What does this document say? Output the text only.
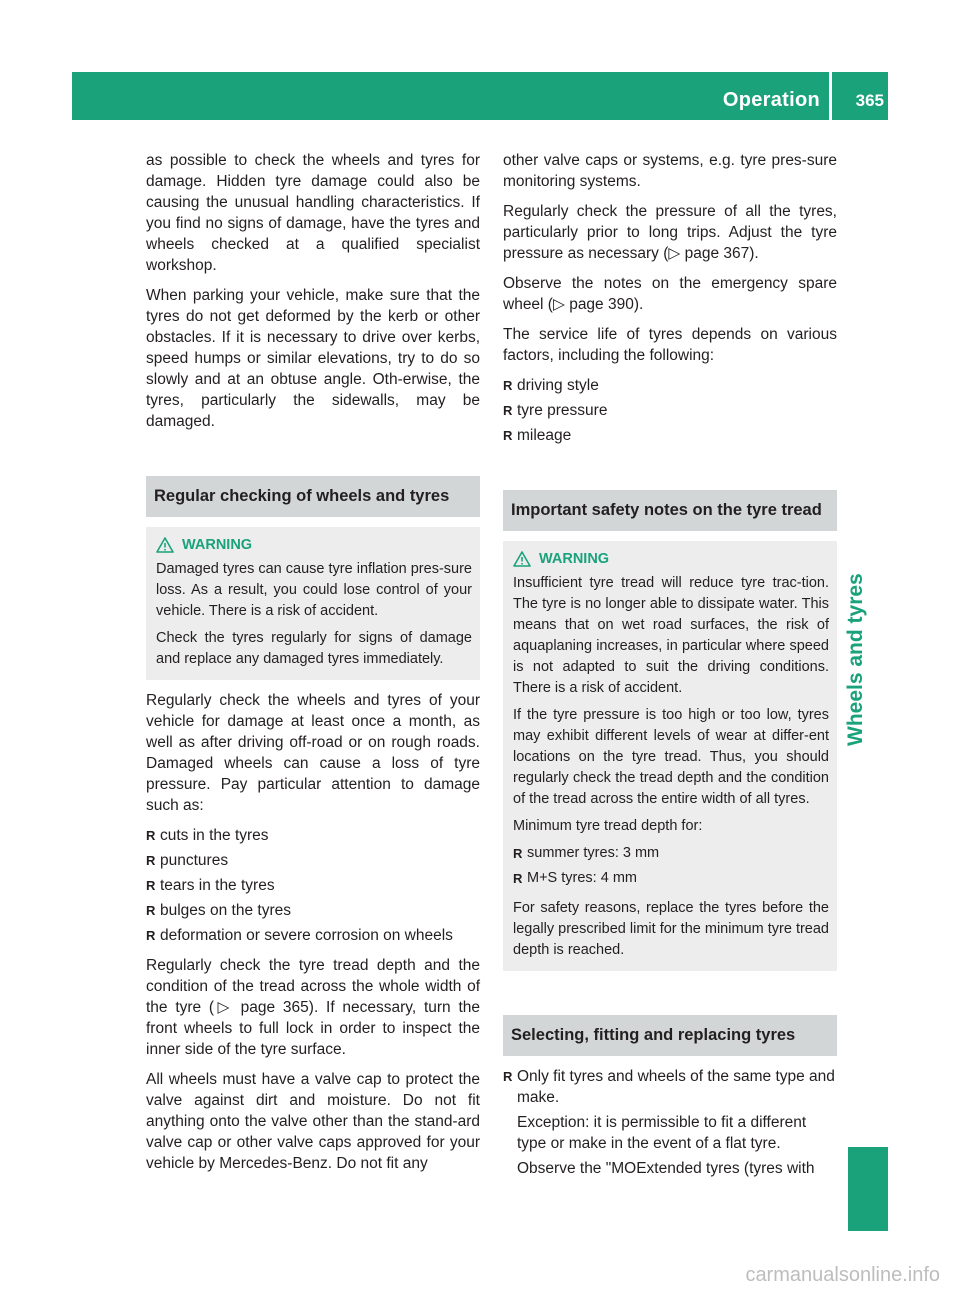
Operation 365
Wheels and tyres

as possible to check the wheels and tyres for damage. Hidden tyre damage could also be causing the unusual handling characteristics. If you find no signs of damage, have the tyres and wheels checked at a qualified specialist workshop.

When parking your vehicle, make sure that the tyres do not get deformed by the kerb or other obstacles. If it is necessary to drive over kerbs, speed humps or similar elevations, try to do so slowly and at an obtuse angle. Oth-erwise, the tyres, particularly the sidewalls, may be damaged.

Regular checking of wheels and tyres
WARNING

Damaged tyres can cause tyre inflation pres-sure loss. As a result, you could lose control of your vehicle. There is a risk of accident.

Check the tyres regularly for signs of damage and replace any damaged tyres immediately.

Regularly check the wheels and tyres of your vehicle for damage at least once a month, as well as after driving off-road or on rough roads. Damaged wheels can cause a loss of tyre pressure. Pay particular attention to damage such as:

R cuts in the tyres
R punctures
R tears in the tyres
R bulges on the tyres
R deformation or severe corrosion on wheels

Regularly check the tyre tread depth and the condition of the tread across the whole width of the tyre (▷ page 365). If necessary, turn the front wheels to full lock in order to inspect the inner side of the tyre surface.

All wheels must have a valve cap to protect the valve against dirt and moisture. Do not fit anything onto the valve other than the stand-ard valve cap or other valve caps approved for your vehicle by Mercedes-Benz. Do not fit any

other valve caps or systems, e.g. tyre pres-sure monitoring systems.

Regularly check the pressure of all the tyres, particularly prior to long trips. Adjust the tyre pressure as necessary (▷ page 367).

Observe the notes on the emergency spare wheel (▷ page 390).

The service life of tyres depends on various factors, including the following:

R driving style
R tyre pressure
R mileage
Important safety notes on the tyre tread
WARNING

Insufficient tyre tread will reduce tyre trac-tion. The tyre is no longer able to dissipate water. This means that on wet road surfaces, the risk of aquaplaning increases, in particular where speed is not adapted to suit the driving conditions. There is a risk of accident.

If the tyre pressure is too high or too low, tyres may exhibit different levels of wear at differ-ent locations on the tyre tread. Thus, you should regularly check the tread depth and the condition of the tread across the entire width of all tyres.

Minimum tyre tread depth for:

R summer tyres: 3 mm
R M+S tyres: 4 mm

For safety reasons, replace the tyres before the legally prescribed limit for the minimum tyre tread depth is reached.

Selecting, fitting and replacing tyres
R Only fit tyres and wheels of the same type and make.
Exception: it is permissible to fit a different type or make in the event of a flat tyre.
Observe the "MOExtended tyres (tyres with
carmanualsonline.info
